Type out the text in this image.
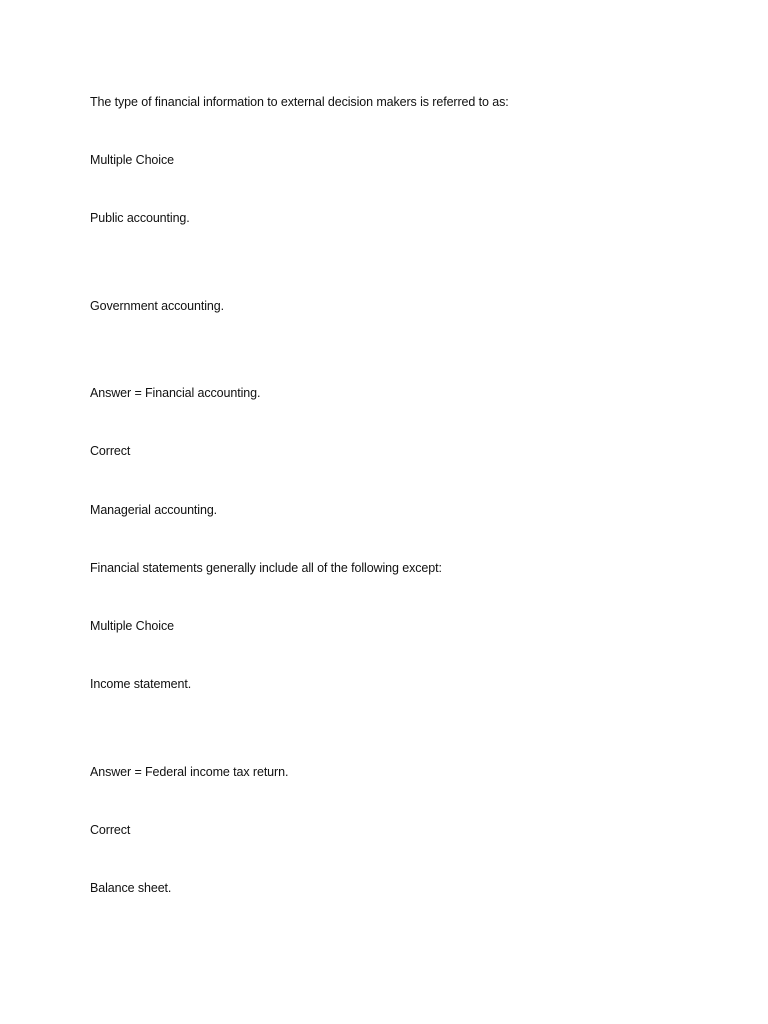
The type of financial information to external decision makers is referred to as:
Multiple Choice
Public accounting.
Government accounting.
Answer = Financial accounting.
Correct
Managerial accounting.
Financial statements generally include all of the following except:
Multiple Choice
Income statement.
Answer = Federal income tax return.
Correct
Balance sheet.
